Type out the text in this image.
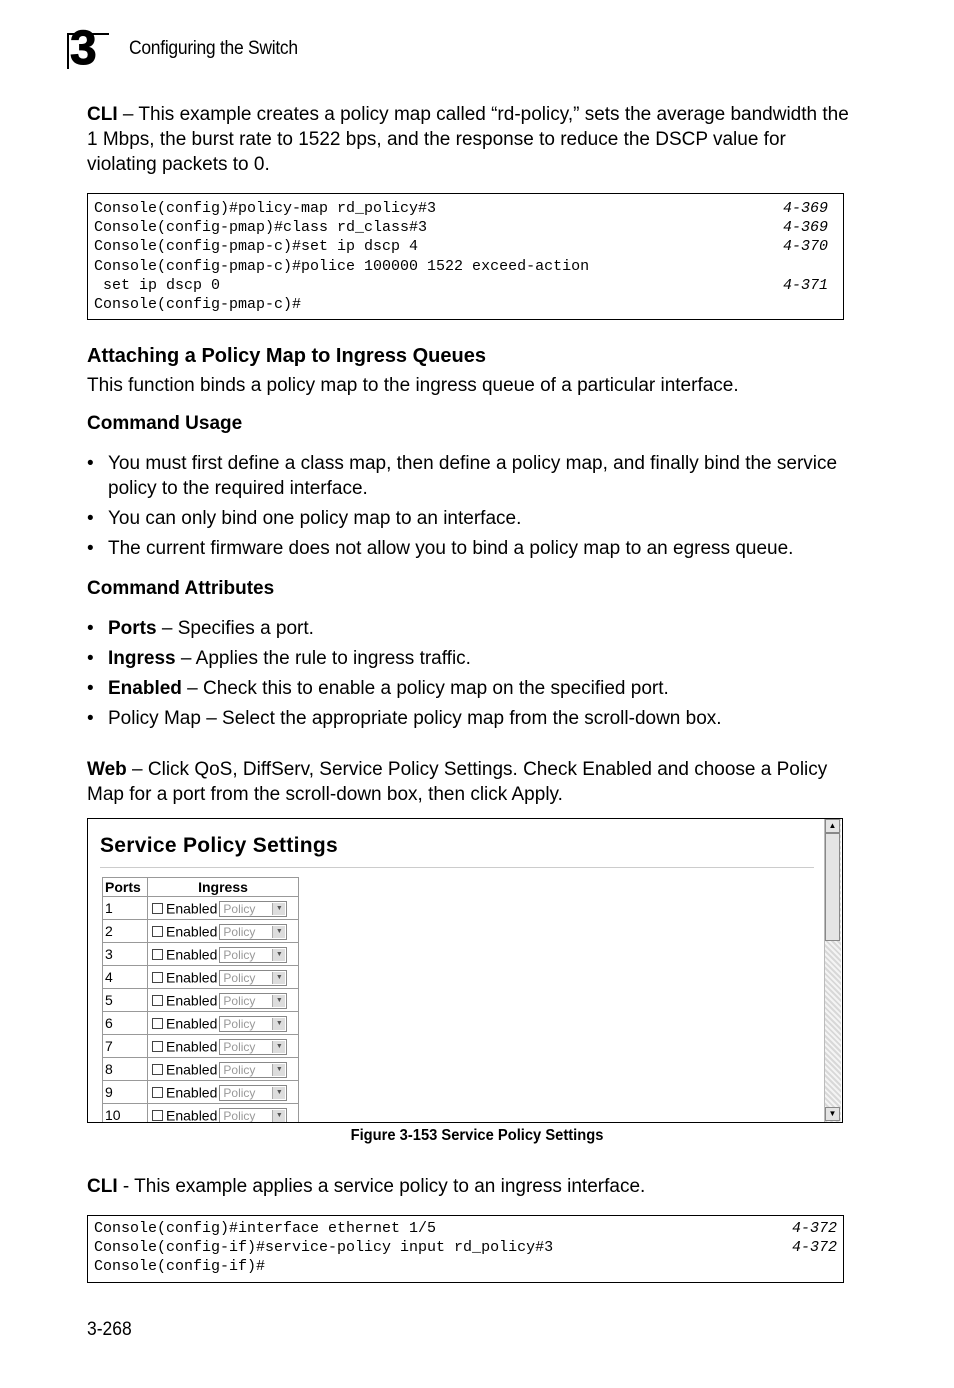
3 Configuring the Switch
CLI – This example creates a policy map called “rd-policy,” sets the average bandwidth the 1 Mbps, the burst rate to 1522 bps, and the response to reduce the DSCP value for violating packets to 0.
Console(config)#policy-map rd_policy#3	4-369
Console(config-pmap)#class rd_class#3	4-369
Console(config-pmap-c)#set ip dscp 4	4-370
Console(config-pmap-c)#police 100000 1522 exceed-action
set ip dscp 0	4-371
Console(config-pmap-c)#
Attaching a Policy Map to Ingress Queues
This function binds a policy map to the ingress queue of a particular interface.
Command Usage
• You must first define a class map, then define a policy map, and finally bind the service policy to the required interface.
• You can only bind one policy map to an interface.
• The current firmware does not allow you to bind a policy map to an egress queue.
Command Attributes
• Ports – Specifies a port.
• Ingress – Applies the rule to ingress traffic.
• Enabled – Check this to enable a policy map on the specified port.
• Policy Map – Select the appropriate policy map from the scroll-down box.
Web – Click QoS, DiffServ, Service Policy Settings. Check Enabled and choose a Policy Map for a port from the scroll-down box, then click Apply.
Service Policy Settings
Ports	Ingress
1	Enabled Policy ▼

2	Enabled Policy ▼

3	Enabled Policy ▼

4	Enabled Policy ▼

5	Enabled Policy ▼

6	Enabled Policy ▼

7	Enabled Policy ▼

8	Enabled Policy ▼

9	Enabled Policy ▼

10	Enabled Policy ▼
▲
▼
Figure 3-153 Service Policy Settings
CLI - This example applies a service policy to an ingress interface.
Console(config)#interface ethernet 1/5	4-372
Console(config-if)#service-policy input rd_policy#3	4-372
Console(config-if)#
3-268
